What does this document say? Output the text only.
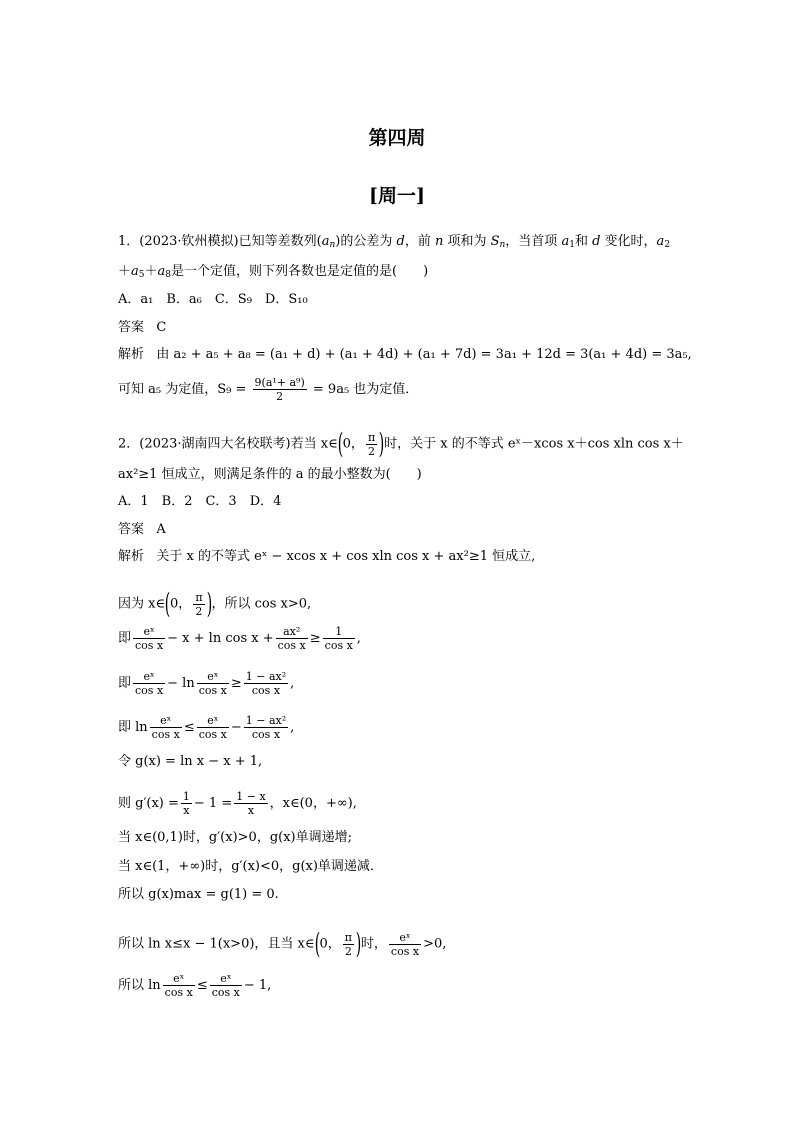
第四周
[周一]
1．(2023·钦州模拟)已知等差数列$(a_n)$的公差为 d，前 n 项和为 $S_n$，当首项 $a_1$和 d 变化时，$a_2$
$+a_5+a_8$是一个定值，则下列各数也是定值的是(　　)
A．a₁　B．a₆　C．S₉　D．S₁₀
答案 C
解析 由 a₂ + a₅ + a₈ = (a₁ + d) + (a₁ + 4d) + (a₁ + 7d) = 3a₁ + 12d = 3(a₁ + 4d) = 3a₅,
可知 a₅ 为定值，$S_9 = \frac{\text{9(a¹+ a⁹)}}{2} = 9a_5$ 也为定值．
2．(2023·湖南四大名校联考)若当 x∈(0， $\frac{\pi}{2}$ )时，关于 x 的不等式 eˣ－xcos x＋cos xln cos x＋
ax²≥1 恒成立，则满足条件的 a 的最小整数为(　　)
A．1　B．2　C．3　D．4
答案 A
解析 关于 x 的不等式 eˣ − xcos x + cos xln cos x + ax²≥1 恒成立,
因为 x∈(0， $\frac{\pi}{2}$ )，所以 cos x>0,
即 $\frac{\text{eˣ}}{\text{cos x}} - x + \ln \cos x + \frac{\text{ax²}}{\text{cos x}} \ge \frac{1}{\text{cos x}}$ ,
即 $\frac{\text{eˣ}}{\text{cos x}} - \ln \frac{\text{eˣ}}{\text{cos x}} \ge \frac{\text{1 − ax²}}{\text{cos x}}$ ,
即 $\ln \frac{\text{eˣ}}{\text{cos x}} \le \frac{\text{eˣ}}{\text{cos x}} - \frac{\text{1 − ax²}}{\text{cos x}}$ ,
令 g(x) = ln x − x + 1,
则 $g'(x) = \frac{1}{x} - 1 = \frac{1 - x}{x}$ ，x∈(0，+∞),
当 x∈(0,1)时，g′(x)>0，g(x)单调递增;
当 x∈(1，+∞)时，g′(x)<0，g(x)单调递减．
所以 g(x)max = g(1) = 0.
所以 ln x≤x − 1(x>0)，且当 x∈(0， $\frac{\pi}{2}$ )时， $\frac{\text{eˣ}}{\text{cos x}} >0$,
所以 $\ln \frac{\text{eˣ}}{\text{cos x}} \le \frac{\text{eˣ}}{\text{cos x}} - 1$,
